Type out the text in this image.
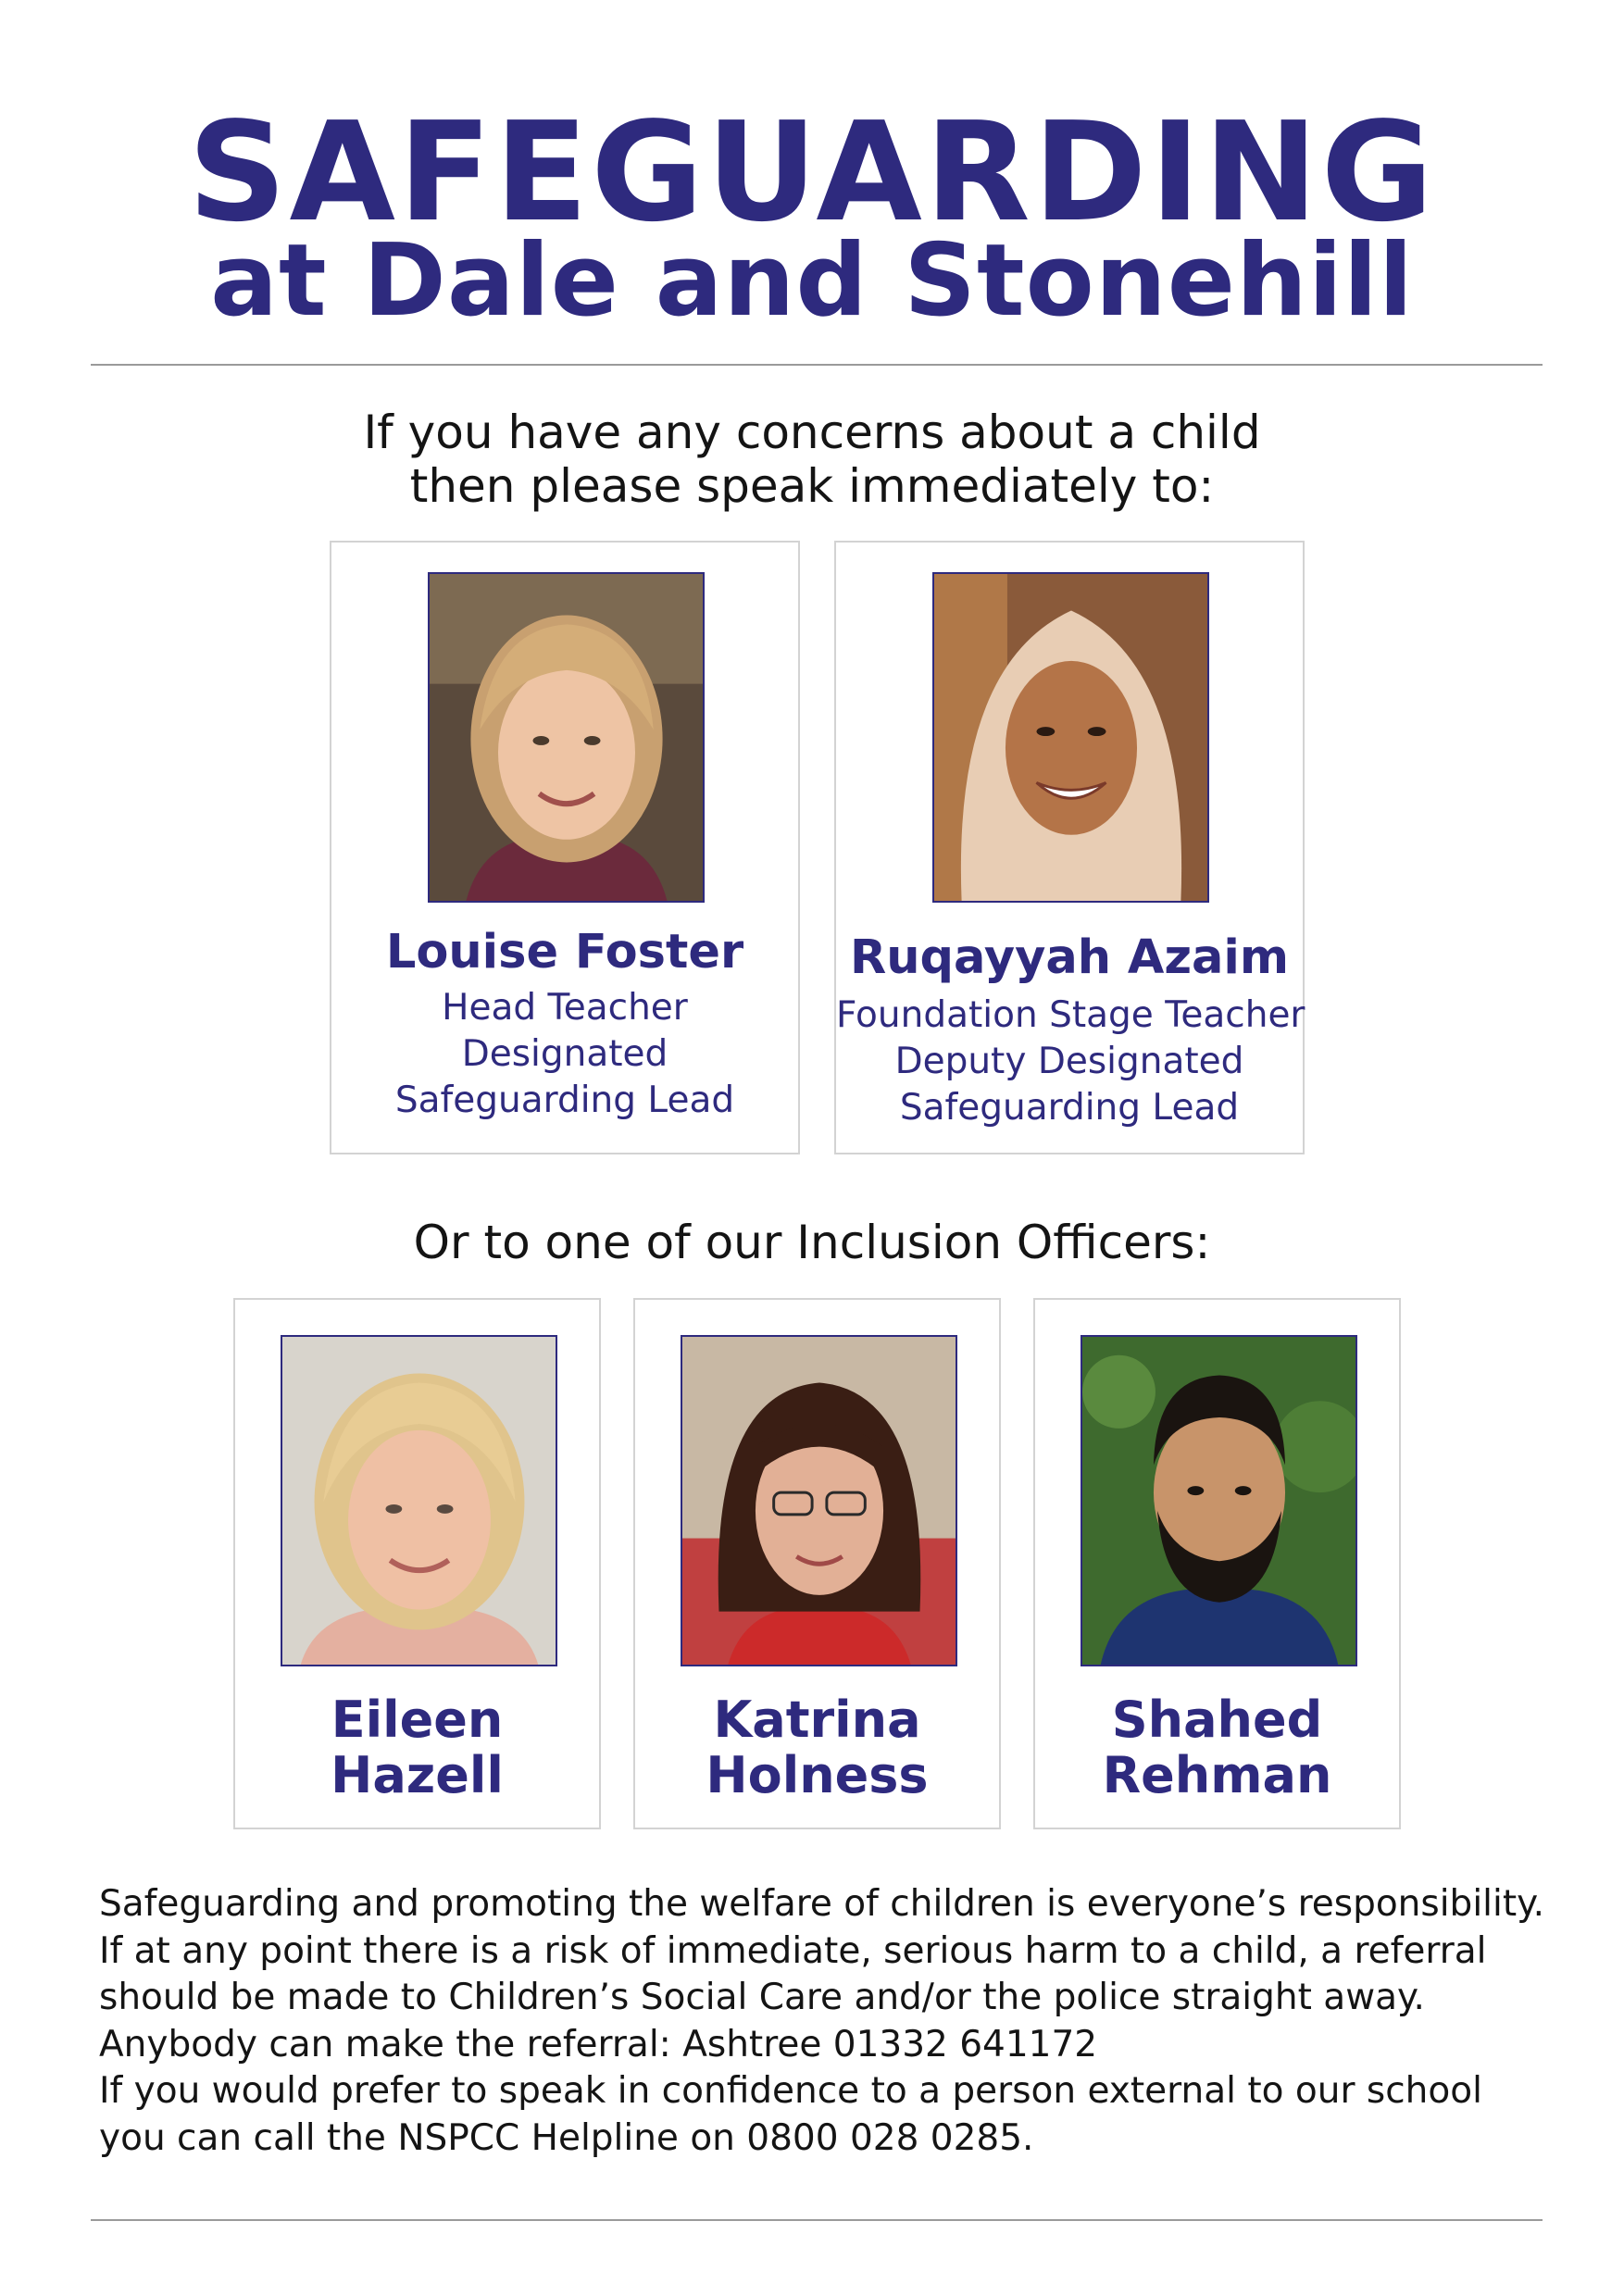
SAFEGUARDING
at Dale and Stonehill
If you have any concerns about a child
then please speak immediately to:
Louise Foster
Head Teacher
Designated
Safeguarding Lead
Ruqayyah Azaim
Foundation Stage Teacher
Deputy Designated
Safeguarding Lead
Or to one of our Inclusion Officers:
Eileen
Hazell
Katrina
Holness
Shahed
Rehman
Safeguarding and promoting the welfare of children is everyone’s responsibility.
If at any point there is a risk of immediate, serious harm to a child, a referral
should be made to Children’s Social Care and/or the police straight away.
Anybody can make the referral: Ashtree 01332 641172
If you would prefer to speak in confidence to a person external to our school
you can call the NSPCC Helpline on 0800 028 0285.
